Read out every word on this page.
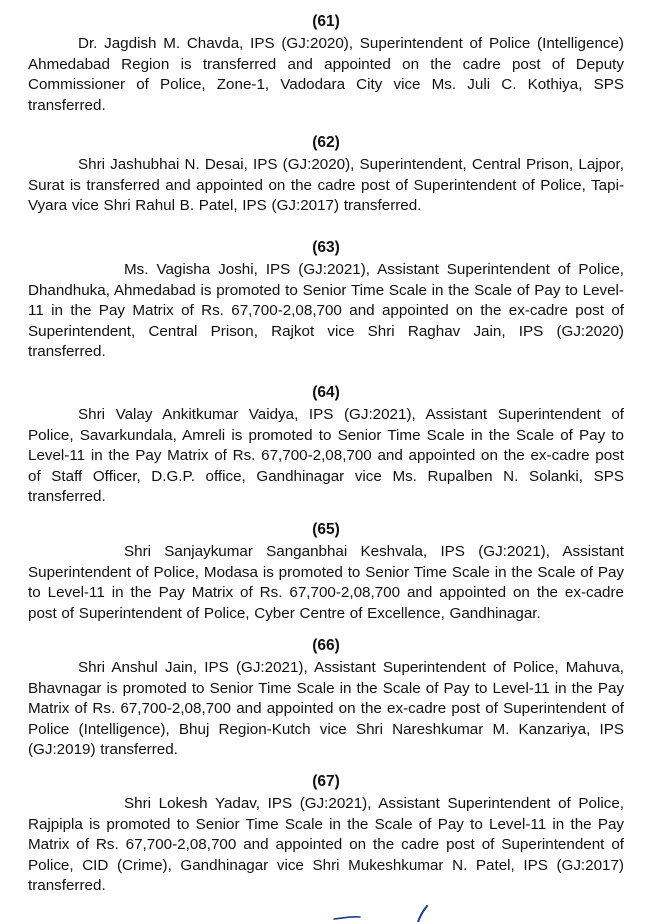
(61)

Dr. Jagdish M. Chavda, IPS (GJ:2020), Superintendent of Police (Intelligence) Ahmedabad Region is transferred and appointed on the cadre post of Deputy Commissioner of Police, Zone-1, Vadodara City vice Ms. Juli C. Kothiya, SPS transferred.

(62)

Shri Jashubhai N. Desai, IPS (GJ:2020), Superintendent, Central Prison, Lajpor, Surat is transferred and appointed on the cadre post of Superintendent of Police, Tapi-Vyara vice Shri Rahul B. Patel, IPS (GJ:2017) transferred.

(63)

Ms. Vagisha Joshi, IPS (GJ:2021), Assistant Superintendent of Police, Dhandhuka, Ahmedabad is promoted to Senior Time Scale in the Scale of Pay to Level-11 in the Pay Matrix of Rs. 67,700-2,08,700 and appointed on the ex-cadre post of Superintendent, Central Prison, Rajkot vice Shri Raghav Jain, IPS (GJ:2020) transferred.

(64)

Shri Valay Ankitkumar Vaidya, IPS (GJ:2021), Assistant Superintendent of Police, Savarkundala, Amreli is promoted to Senior Time Scale in the Scale of Pay to Level-11 in the Pay Matrix of Rs. 67,700-2,08,700 and appointed on the ex-cadre post of Staff Officer, D.G.P. office, Gandhinagar vice Ms. Rupalben N. Solanki, SPS transferred.

(65)

Shri Sanjaykumar Sanganbhai Keshvala, IPS (GJ:2021), Assistant Superintendent of Police, Modasa is promoted to Senior Time Scale in the Scale of Pay to Level-11 in the Pay Matrix of Rs. 67,700-2,08,700 and appointed on the ex-cadre post of Superintendent of Police, Cyber Centre of Excellence, Gandhinagar.

(66)

Shri Anshul Jain, IPS (GJ:2021), Assistant Superintendent of Police, Mahuva, Bhavnagar is promoted to Senior Time Scale in the Scale of Pay to Level-11 in the Pay Matrix of Rs. 67,700-2,08,700 and appointed on the ex-cadre post of Superintendent of Police (Intelligence), Bhuj Region-Kutch vice Shri Nareshkumar M. Kanzariya, IPS (GJ:2019) transferred.

(67)

Shri Lokesh Yadav, IPS (GJ:2021), Assistant Superintendent of Police, Rajpipla is promoted to Senior Time Scale in the Scale of Pay to Level-11 in the Pay Matrix of Rs. 67,700-2,08,700 and appointed on the cadre post of Superintendent of Police, CID (Crime), Gandhinagar vice Shri Mukeshkumar N. Patel, IPS (GJ:2017) transferred.
